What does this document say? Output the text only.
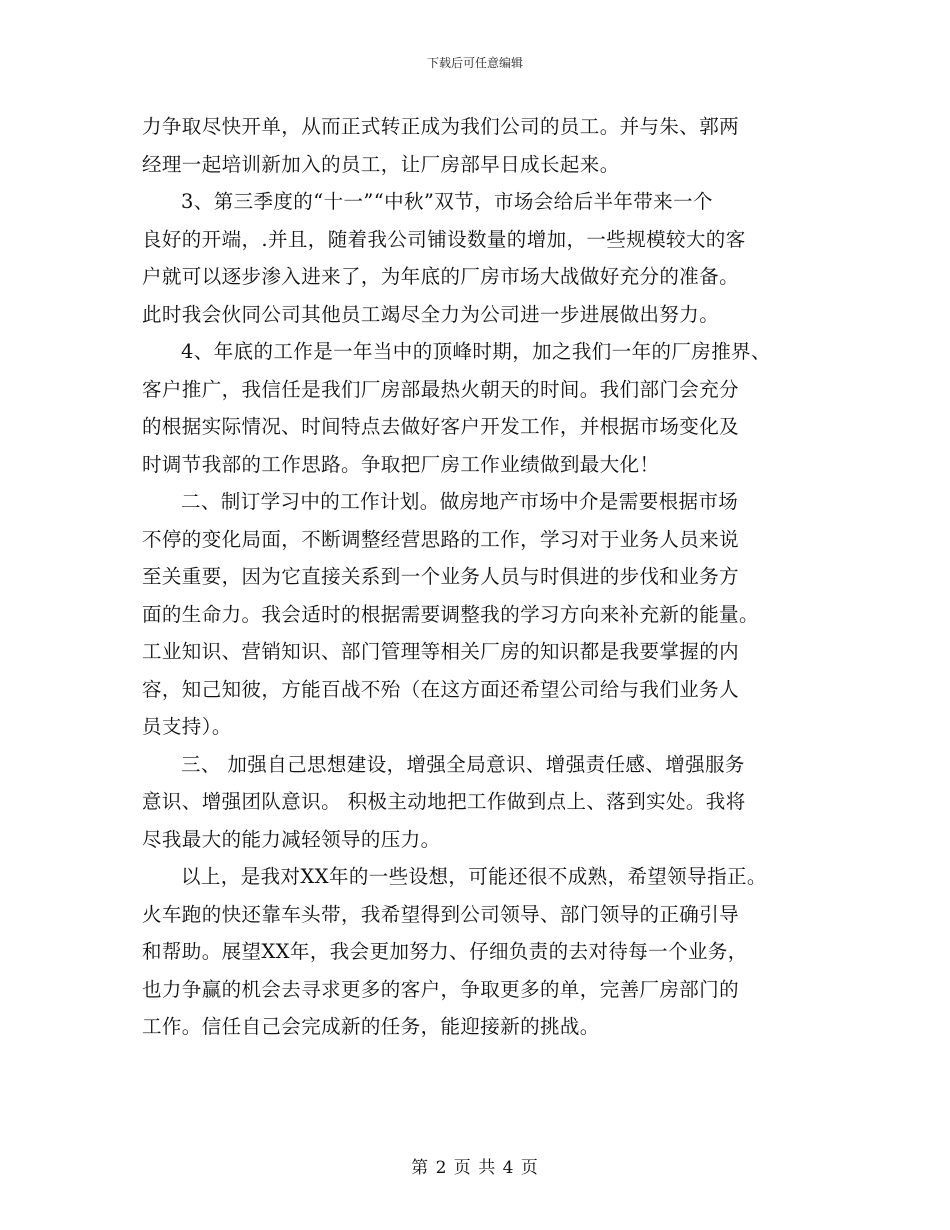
下载后可任意编辑
力争取尽快开单，从而正式转正成为我们公司的员工。并与朱、郭两
经理一起培训新加入的员工，让厂房部早日成长起来。
3、第三季度的“十一”“中秋”双节，市场会给后半年带来一个
良好的开端，.并且，随着我公司铺设数量的增加，一些规模较大的客
户就可以逐步渗入进来了，为年底的厂房市场大战做好充分的准备。
此时我会伙同公司其他员工竭尽全力为公司进一步进展做出努力。
4、年底的工作是一年当中的顶峰时期，加之我们一年的厂房推界、
客户推广，我信任是我们厂房部最热火朝天的时间。我们部门会充分
的根据实际情况、时间特点去做好客户开发工作，并根据市场变化及
时调节我部的工作思路。争取把厂房工作业绩做到最大化！
二、制订学习中的工作计划。做房地产市场中介是需要根据市场
不停的变化局面，不断调整经营思路的工作，学习对于业务人员来说
至关重要，因为它直接关系到一个业务人员与时俱进的步伐和业务方
面的生命力。我会适时的根据需要调整我的学习方向来补充新的能量。
工业知识、营销知识、部门管理等相关厂房的知识都是我要掌握的内
容，知己知彼，方能百战不殆（在这方面还希望公司给与我们业务人
员支持）。
三、 加强自己思想建设，增强全局意识、增强责任感、增强服务
意识、增强团队意识。 积极主动地把工作做到点上、落到实处。我将
尽我最大的能力减轻领导的压力。
以上，是我对XX年的一些设想，可能还很不成熟，希望领导指正。
火车跑的快还靠车头带，我希望得到公司领导、部门领导的正确引导
和帮助。展望XX年，我会更加努力、仔细负责的去对待每一个业务，
也力争赢的机会去寻求更多的客户，争取更多的单，完善厂房部门的
工作。信任自己会完成新的任务，能迎接新的挑战。
第 2 页 共 4 页
